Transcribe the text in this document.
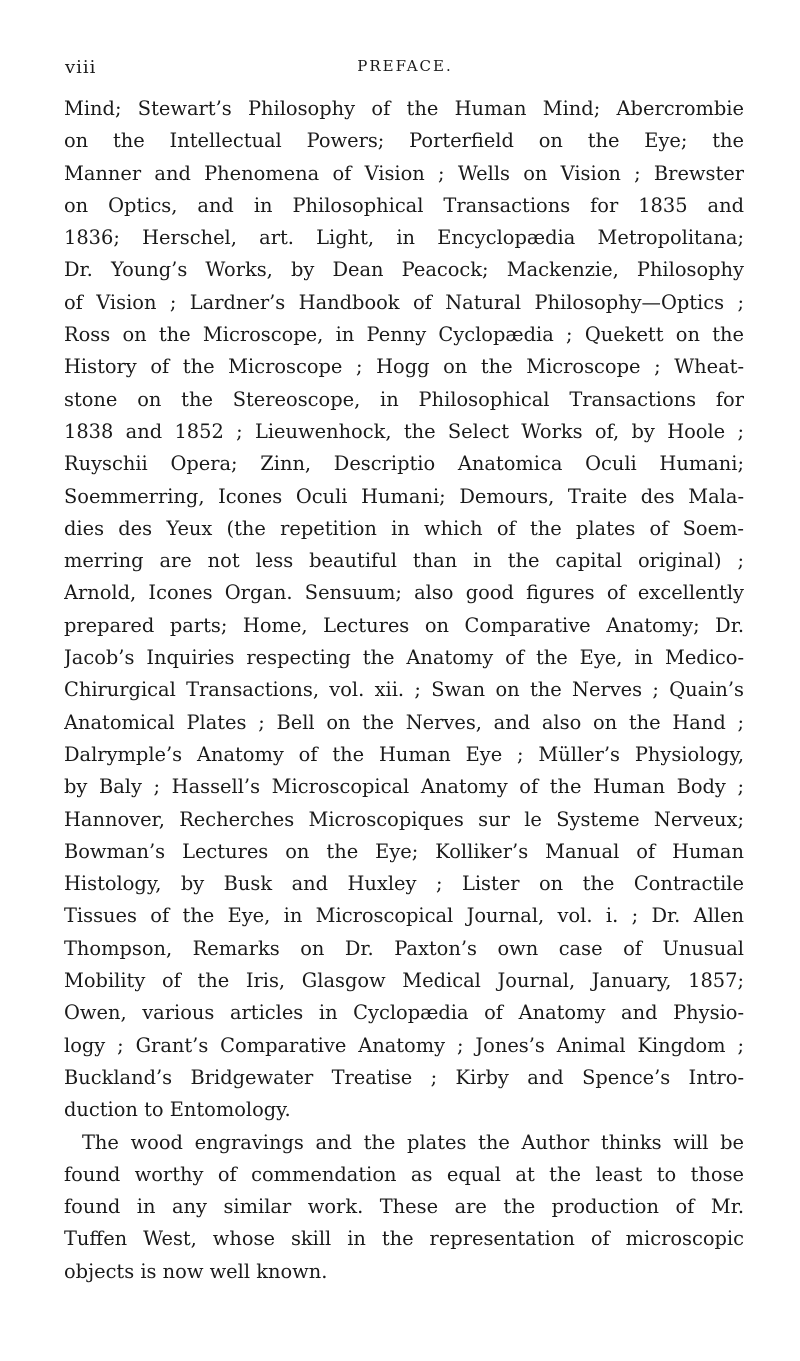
viii	PREFACE.
Mind; Stewart’s Philosophy of the Human Mind; Abercrombie
on the Intellectual Powers; Porterfield on the Eye; the
Manner and Phenomena of Vision ; Wells on Vision ; Brewster
on Optics, and in Philosophical Transactions for 1835 and
1836; Herschel, art. Light, in Encyclopædia Metropolitana;
Dr. Young’s Works, by Dean Peacock; Mackenzie, Philosophy
of Vision ; Lardner’s Handbook of Natural Philosophy—Optics ;
Ross on the Microscope, in Penny Cyclopædia ; Quekett on the
History of the Microscope ; Hogg on the Microscope ; Wheat-
stone on the Stereoscope, in Philosophical Transactions for
1838 and 1852 ; Lieuwenhock, the Select Works of, by Hoole ;
Ruyschii Opera; Zinn, Descriptio Anatomica Oculi Humani;
Soemmerring, Icones Oculi Humani; Demours, Traite des Mala-
dies des Yeux (the repetition in which of the plates of Soem-
merring are not less beautiful than in the capital original) ;
Arnold, Icones Organ. Sensuum; also good figures of excellently
prepared parts; Home, Lectures on Comparative Anatomy; Dr.
Jacob’s Inquiries respecting the Anatomy of the Eye, in Medico-
Chirurgical Transactions, vol. xii. ; Swan on the Nerves ; Quain’s
Anatomical Plates ; Bell on the Nerves, and also on the Hand ;
Dalrymple’s Anatomy of the Human Eye ; Müller’s Physiology,
by Baly ; Hassell’s Microscopical Anatomy of the Human Body ;
Hannover, Recherches Microscopiques sur le Systeme Nerveux;
Bowman’s Lectures on the Eye; Kolliker’s Manual of Human
Histology, by Busk and Huxley ; Lister on the Contractile
Tissues of the Eye, in Microscopical Journal, vol. i. ; Dr. Allen
Thompson, Remarks on Dr. Paxton’s own case of Unusual
Mobility of the Iris, Glasgow Medical Journal, January, 1857;
Owen, various articles in Cyclopædia of Anatomy and Physio-
logy ; Grant’s Comparative Anatomy ; Jones’s Animal Kingdom ;
Buckland’s Bridgewater Treatise ; Kirby and Spence’s Intro-
duction to Entomology.
The wood engravings and the plates the Author thinks will be
found worthy of commendation as equal at the least to those
found in any similar work. These are the production of Mr.
Tuffen West, whose skill in the representation of microscopic
objects is now well known.
